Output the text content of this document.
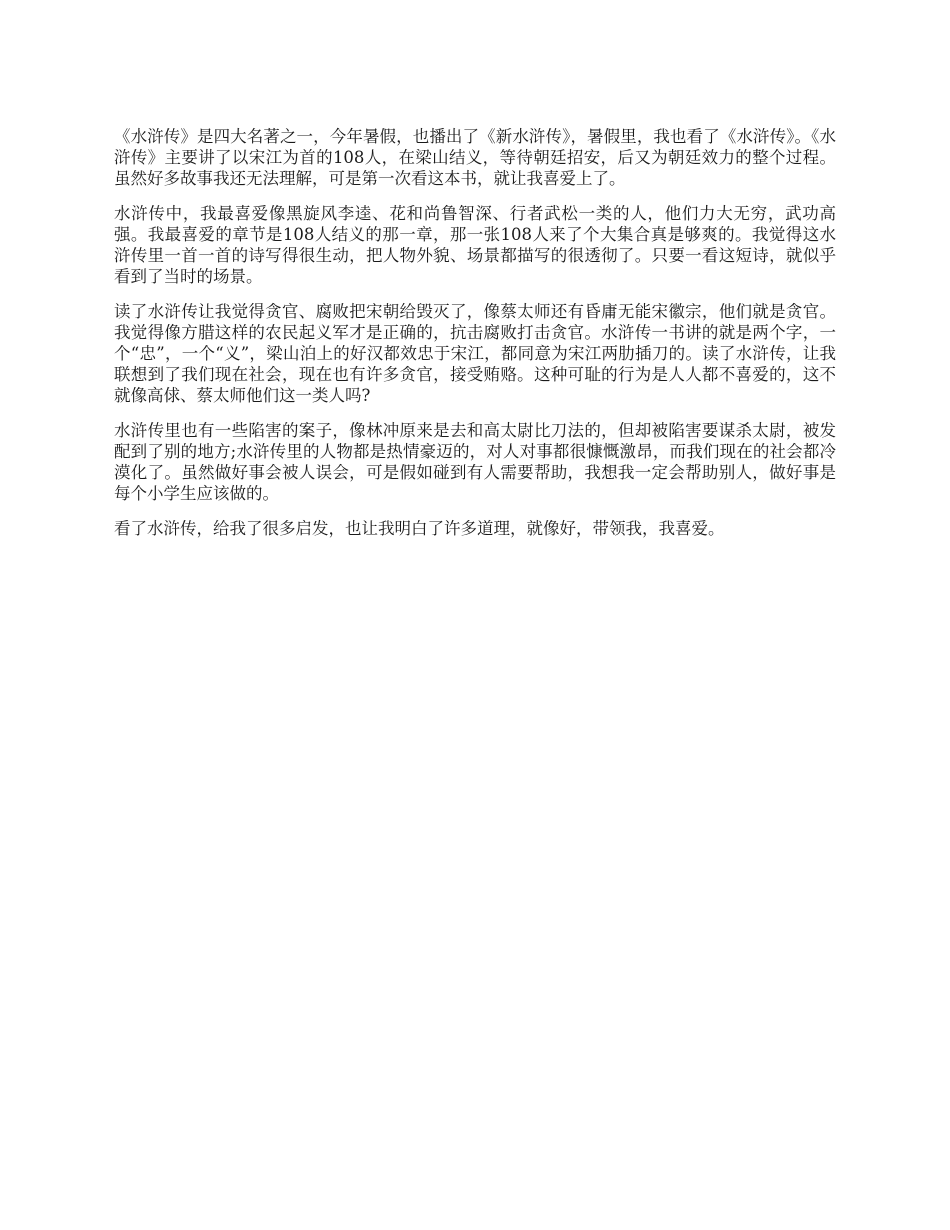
《水浒传》是四大名著之一，今年暑假，也播出了《新水浒传》，暑假里，我也看了《水浒传》。《水浒传》主要讲了以宋江为首的108人，在梁山结义，等待朝廷招安，后又为朝廷效力的整个过程。虽然好多故事我还无法理解，可是第一次看这本书，就让我喜爱上了。

水浒传中，我最喜爱像黑旋风李逵、花和尚鲁智深、行者武松一类的人，他们力大无穷，武功高强。我最喜爱的章节是108人结义的那一章，那一张108人来了个大集合真是够爽的。我觉得这水浒传里一首一首的诗写得很生动，把人物外貌、场景都描写的很透彻了。只要一看这短诗，就似乎看到了当时的场景。

读了水浒传让我觉得贪官、腐败把宋朝给毁灭了，像蔡太师还有昏庸无能宋徽宗，他们就是贪官。我觉得像方腊这样的农民起义军才是正确的，抗击腐败打击贪官。水浒传一书讲的就是两个字，一个“忠”，一个“义”，梁山泊上的好汉都效忠于宋江，都同意为宋江两肋插刀的。读了水浒传，让我联想到了我们现在社会，现在也有许多贪官，接受贿赂。这种可耻的行为是人人都不喜爱的，这不就像高俅、蔡太师他们这一类人吗?

水浒传里也有一些陷害的案子，像林冲原来是去和高太尉比刀法的，但却被陷害要谋杀太尉，被发配到了别的地方;水浒传里的人物都是热情豪迈的，对人对事都很慷慨激昂，而我们现在的社会都冷漠化了。虽然做好事会被人误会，可是假如碰到有人需要帮助，我想我一定会帮助别人，做好事是每个小学生应该做的。

看了水浒传，给我了很多启发，也让我明白了许多道理，就像好，带领我，我喜爱。
